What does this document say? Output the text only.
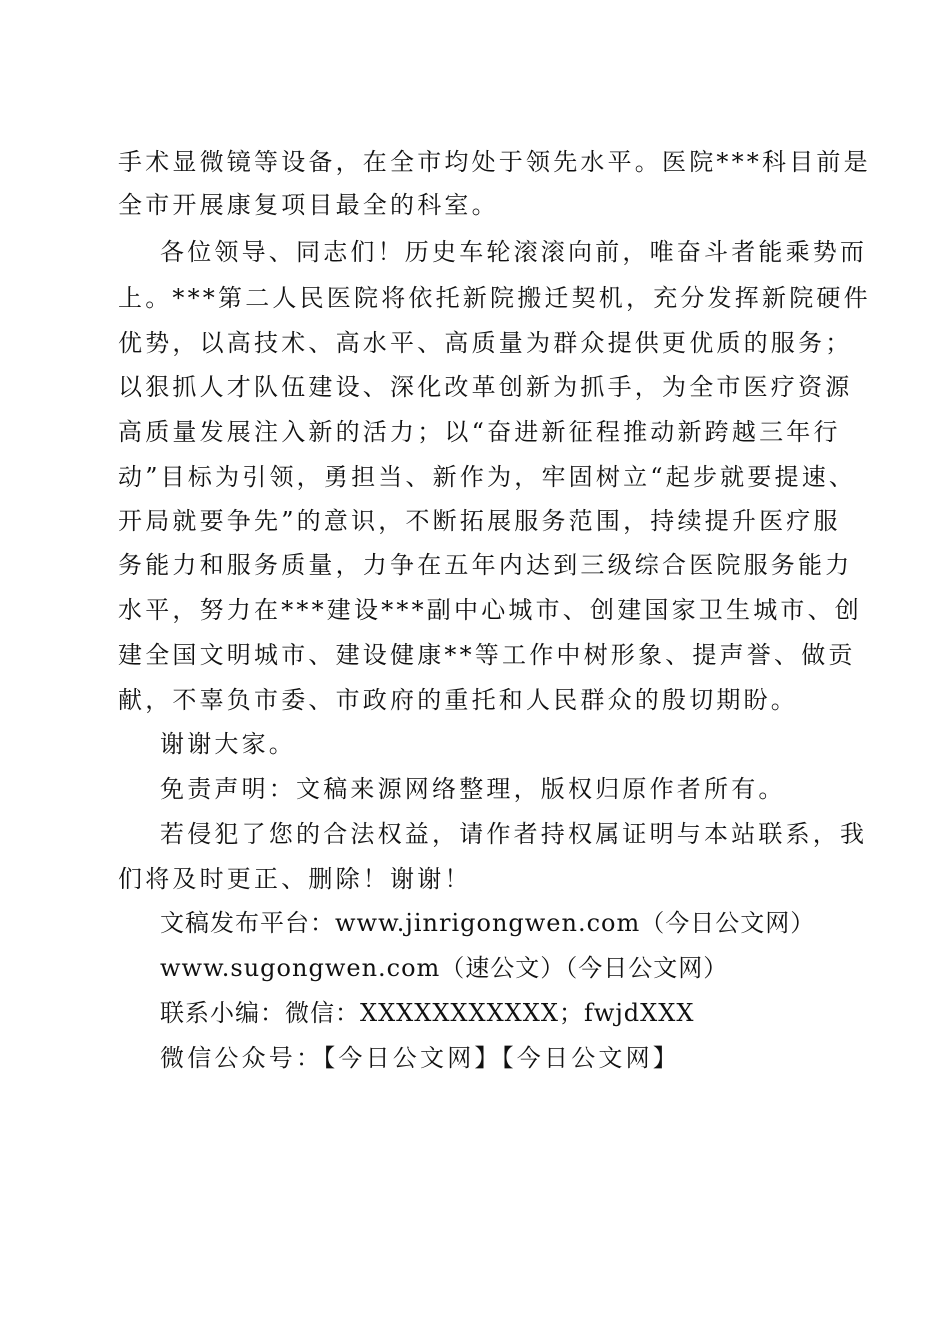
手术显微镜等设备，在全市均处于领先水平。医院***科目前是
全市开展康复项目最全的科室。
各位领导、同志们！历史车轮滚滚向前，唯奋斗者能乘势而
上。***第二人民医院将依托新院搬迁契机，充分发挥新院硬件
优势，以高技术、高水平、高质量为群众提供更优质的服务；
以狠抓人才队伍建设、深化改革创新为抓手，为全市医疗资源
高质量发展注入新的活力；以“奋进新征程推动新跨越三年行
动”目标为引领，勇担当、新作为，牢固树立“起步就要提速、
开局就要争先”的意识，不断拓展服务范围，持续提升医疗服
务能力和服务质量，力争在五年内达到三级综合医院服务能力
水平，努力在***建设***副中心城市、创建国家卫生城市、创
建全国文明城市、建设健康**等工作中树形象、提声誉、做贡
献，不辜负市委、市政府的重托和人民群众的殷切期盼。
谢谢大家。
免责声明：文稿来源网络整理，版权归原作者所有。
若侵犯了您的合法权益，请作者持权属证明与本站联系，我
们将及时更正、删除！谢谢！
文稿发布平台：www.jinrigongwen.com（今日公文网）
www.sugongwen.com（速公文）（今日公文网）
联系小编：微信：XXXXXXXXXXX；fwjdXXX
微信公众号：【今日公文网】【今日公文网】
